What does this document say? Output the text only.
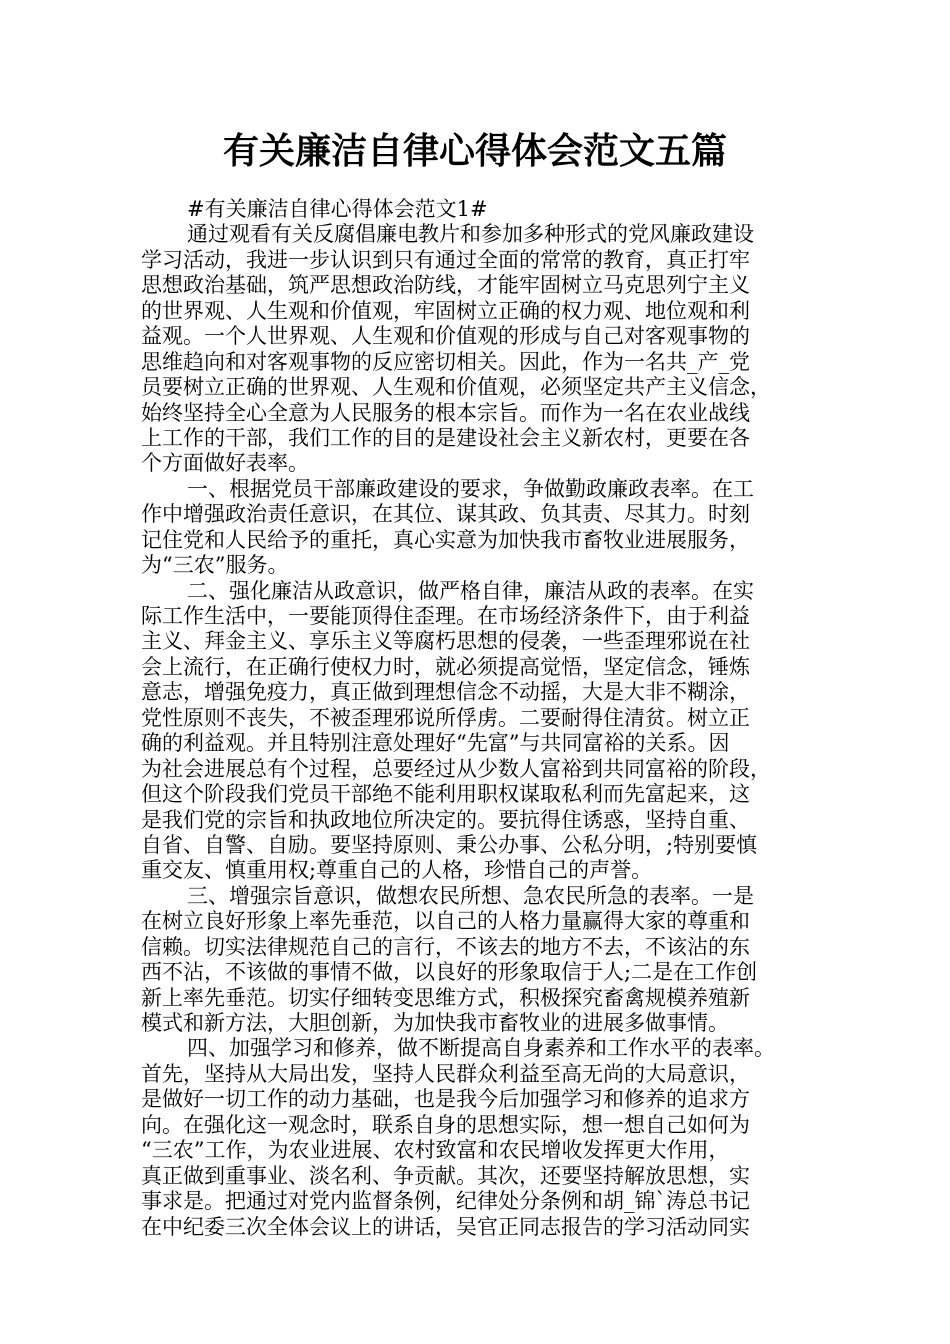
有关廉洁自律心得体会范文五篇
#有关廉洁自律心得体会范文1#
通过观看有关反腐倡廉电教片和参加多种形式的党风廉政建设
学习活动，我进一步认识到只有通过全面的常常的教育，真正打牢
思想政治基础，筑严思想政治防线，才能牢固树立马克思列宁主义
的世界观、人生观和价值观，牢固树立正确的权力观、地位观和利
益观。一个人世界观、人生观和价值观的形成与自己对客观事物的
思维趋向和对客观事物的反应密切相关。因此，作为一名共_产_党
员要树立正确的世界观、人生观和价值观，必须坚定共产主义信念，
始终坚持全心全意为人民服务的根本宗旨。而作为一名在农业战线
上工作的干部，我们工作的目的是建设社会主义新农村，更要在各
个方面做好表率。
一、根据党员干部廉政建设的要求，争做勤政廉政表率。在工
作中增强政治责任意识，在其位、谋其政、负其责、尽其力。时刻
记住党和人民给予的重托，真心实意为加快我市畜牧业进展服务，
为“三农”服务。
二、强化廉洁从政意识，做严格自律，廉洁从政的表率。在实
际工作生活中，一要能顶得住歪理。在市场经济条件下，由于利益
主义、拜金主义、享乐主义等腐朽思想的侵袭，一些歪理邪说在社
会上流行，在正确行使权力时，就必须提高觉悟，坚定信念，锤炼
意志，增强免疫力，真正做到理想信念不动摇，大是大非不糊涂，
党性原则不丧失，不被歪理邪说所俘虏。二要耐得住清贫。树立正
确的利益观。并且特别注意处理好“先富”与共同富裕的关系。因
为社会进展总有个过程，总要经过从少数人富裕到共同富裕的阶段，
但这个阶段我们党员干部绝不能利用职权谋取私利而先富起来，这
是我们党的宗旨和执政地位所决定的。要抗得住诱惑，坚持自重、
自省、自警、自励。要坚持原则、秉公办事、公私分明，;特别要慎
重交友、慎重用权;尊重自己的人格，珍惜自己的声誉。
三、增强宗旨意识，做想农民所想、急农民所急的表率。一是
在树立良好形象上率先垂范，以自己的人格力量赢得大家的尊重和
信赖。切实法律规范自己的言行，不该去的地方不去，不该沾的东
西不沾，不该做的事情不做，以良好的形象取信于人;二是在工作创
新上率先垂范。切实仔细转变思维方式，积极探究畜禽规模养殖新
模式和新方法，大胆创新，为加快我市畜牧业的进展多做事情。
四、加强学习和修养，做不断提高自身素养和工作水平的表率。
首先，坚持从大局出发，坚持人民群众利益至高无尚的大局意识，
是做好一切工作的动力基础，也是我今后加强学习和修养的追求方
向。在强化这一观念时，联系自身的思想实际，想一想自己如何为
“三农”工作，为农业进展、农村致富和农民增收发挥更大作用，
真正做到重事业、淡名利、争贡献。其次，还要坚持解放思想，实
事求是。把通过对党内监督条例，纪律处分条例和胡_锦`涛总书记
在中纪委三次全体会议上的讲话，吴官正同志报告的学习活动同实
